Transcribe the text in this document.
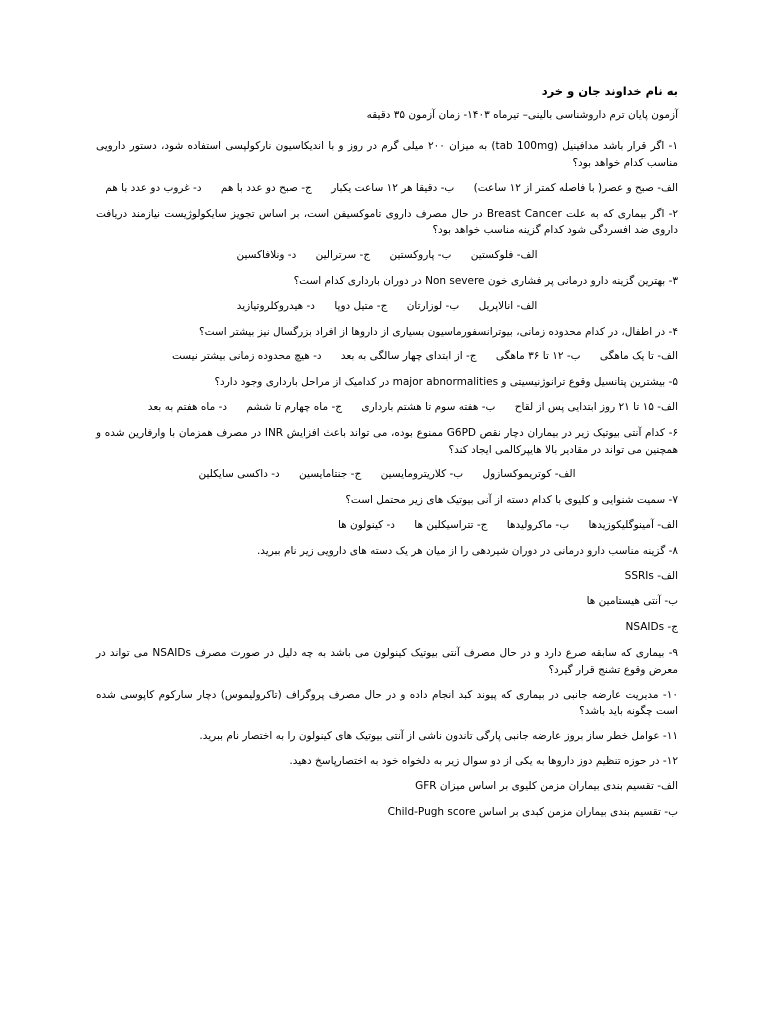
به نام خداوند جان و خرد

آزمون پایان ترم داروشناسی بالینی– تیرماه ۱۴۰۳- زمان آزمون ۳۵ دقیقه

۱- اگر قرار باشد مدافینیل (tab 100mg) به میزان ۲۰۰ میلی گرم در روز و با اندیکاسیون نارکولپسی استفاده شود، دستور دارویی مناسب کدام خواهد بود؟

الف- صبح و عصر( با فاصله کمتر از ۱۲ ساعت) ب- دقیقا هر ۱۲ ساعت یکبار ج- صبح دو عدد با هم د- غروب دو عدد با هم

۲- اگر بیماری که به علت Breast Cancer در حال مصرف داروی تاموکسیفن است، بر اساس تجویز سایکولوژیست نیازمند دریافت داروی ضد افسردگی شود کدام گزینه مناسب خواهد بود؟

الف- فلوکستین ب- پاروکستین ج- سرترالین د- ونلافاکسین

۳- بهترین گزینه دارو درمانی پر فشاری خون Non severe در دوران بارداری کدام است؟

الف- انالاپریل ب- لوزارتان ج- متیل دوپا د- هیدروکلروتیازید

۴- در اطفال، در کدام محدوده زمانی، بیوترانسفورماسیون بسیاری از داروها از افراد بزرگسال نیز بیشتر است؟

الف- تا یک ماهگی ب- ۱۲ تا ۳۶ ماهگی ج- از ابتدای چهار سالگی به بعد د- هیچ محدوده زمانی بیشتر نیست

۵- بیشترین پتانسیل وقوع ترانوژنیسیتی و major abnormalities در کدامیک از مراحل بارداری وجود دارد؟

الف- ۱۵ تا ۲۱ روز ابتدایی پس از لقاح ب- هفته سوم تا هشتم بارداری ج- ماه چهارم تا ششم د- ماه هفتم به بعد

۶- کدام آنتی بیوتیک زیر در بیماران دچار نقص G6PD ممنوع بوده، می تواند باعث افزایش INR در مصرف همزمان با وارفارین شده و همچنین می تواند در مقادیر بالا هایپرکالمی ایجاد کند؟

الف- کوتریموکسازول ب- کلاریترومایسین ج- جنتامایسین د- داکسی سایکلین

۷- سمیت شنوایی و کلیوی با کدام دسته از آنی بیوتیک های زیر محتمل است؟

الف- آمینوگلیکوزیدها ب- ماکرولیدها ج- تتراسیکلین ها د- کینولون ها

۸- گزینه مناسب دارو درمانی در دوران شیردهی را از میان هر یک دسته های دارویی زیر نام ببرید.

الف- SSRIs

ب- آنتی هیستامین ها

ج- NSAIDs

۹- بیماری که سابقه صرع دارد و در حال مصرف آنتی بیوتیک کینولون می باشد به چه دلیل در صورت مصرف NSAIDs می تواند در معرض وقوع تشنج قرار گیرد؟

۱۰- مدیریت عارضه جانبی در بیماری که پیوند کبد انجام داده و در حال مصرف پروگراف (تاکرولیموس) دچار سارکوم کاپوسی شده است چگونه باید باشد؟

۱۱- عوامل خطر ساز بروز عارضه جانبی پارگی تاندون ناشی از آنتی بیوتیک های کینولون را به اختصار نام ببرید.

۱۲- در حوزه تنظیم دوز داروها به یکی از دو سوال زیر به دلخواه خود به اختصارپاسخ دهید.

الف- تقسیم بندی بیماران مزمن کلیوی بر اساس میزان GFR

ب- تقسیم بندی بیماران مزمن کبدی بر اساس Child-Pugh score
